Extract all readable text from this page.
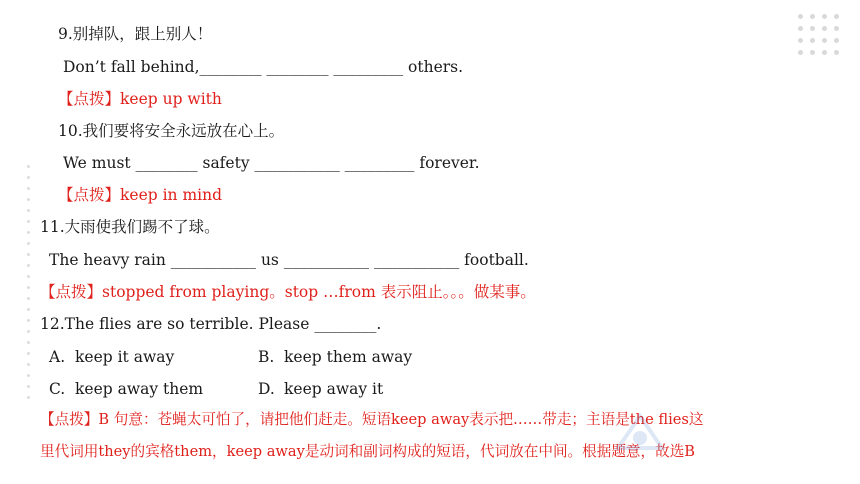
9.别掉队，跟上别人！
Don’t fall behind,________ ________ _________ others.
【点拨】keep up with
10.我们要将安全永远放在心上。
We must ________ safety ___________ _________ forever.
【点拨】keep in mind
11.大雨使我们踢不了球。
The heavy rain ___________ us ___________ ___________ football.
【点拨】stopped from playing。stop …from 表示阻止。。。做某事。
12.The flies are so terrible. Please ________.
A. keep it away	B. keep them away
C. keep away them	D. keep away it
【点拨】B 句意：苍蝇太可怕了，请把他们赶走。短语keep away表示把……带走；主语是the flies这
里代词用they的宾格them，keep away是动词和副词构成的短语，代词放在中间。根据题意，故选B
